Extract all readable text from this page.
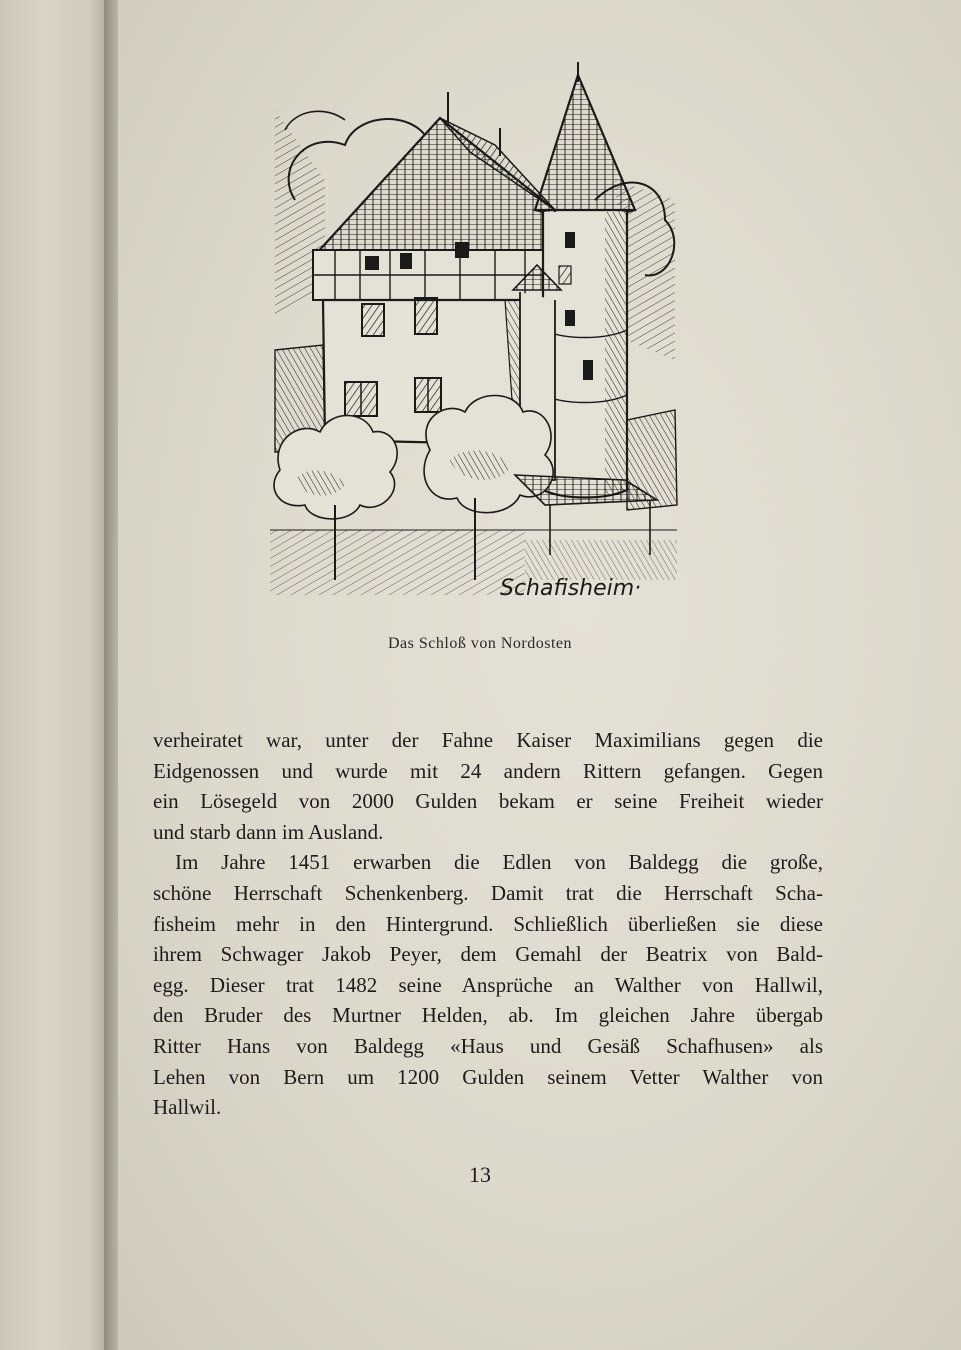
Schafisheim·
Das Schloß von Nordosten
verheiratet war, unter der Fahne Kaiser Maximilians gegen die
Eidgenossen und wurde mit 24 andern Rittern gefangen. Gegen
ein Lösegeld von 2000 Gulden bekam er seine Freiheit wieder
und starb dann im Ausland.
Im Jahre 1451 erwarben die Edlen von Baldegg die große,
schöne Herrschaft Schenkenberg. Damit trat die Herrschaft Scha-
fisheim mehr in den Hintergrund. Schließlich überließen sie diese
ihrem Schwager Jakob Peyer, dem Gemahl der Beatrix von Bald-
egg. Dieser trat 1482 seine Ansprüche an Walther von Hallwil,
den Bruder des Murtner Helden, ab. Im gleichen Jahre übergab
Ritter Hans von Baldegg «Haus und Gesäß Schafhusen» als
Lehen von Bern um 1200 Gulden seinem Vetter Walther von
Hallwil.
13
